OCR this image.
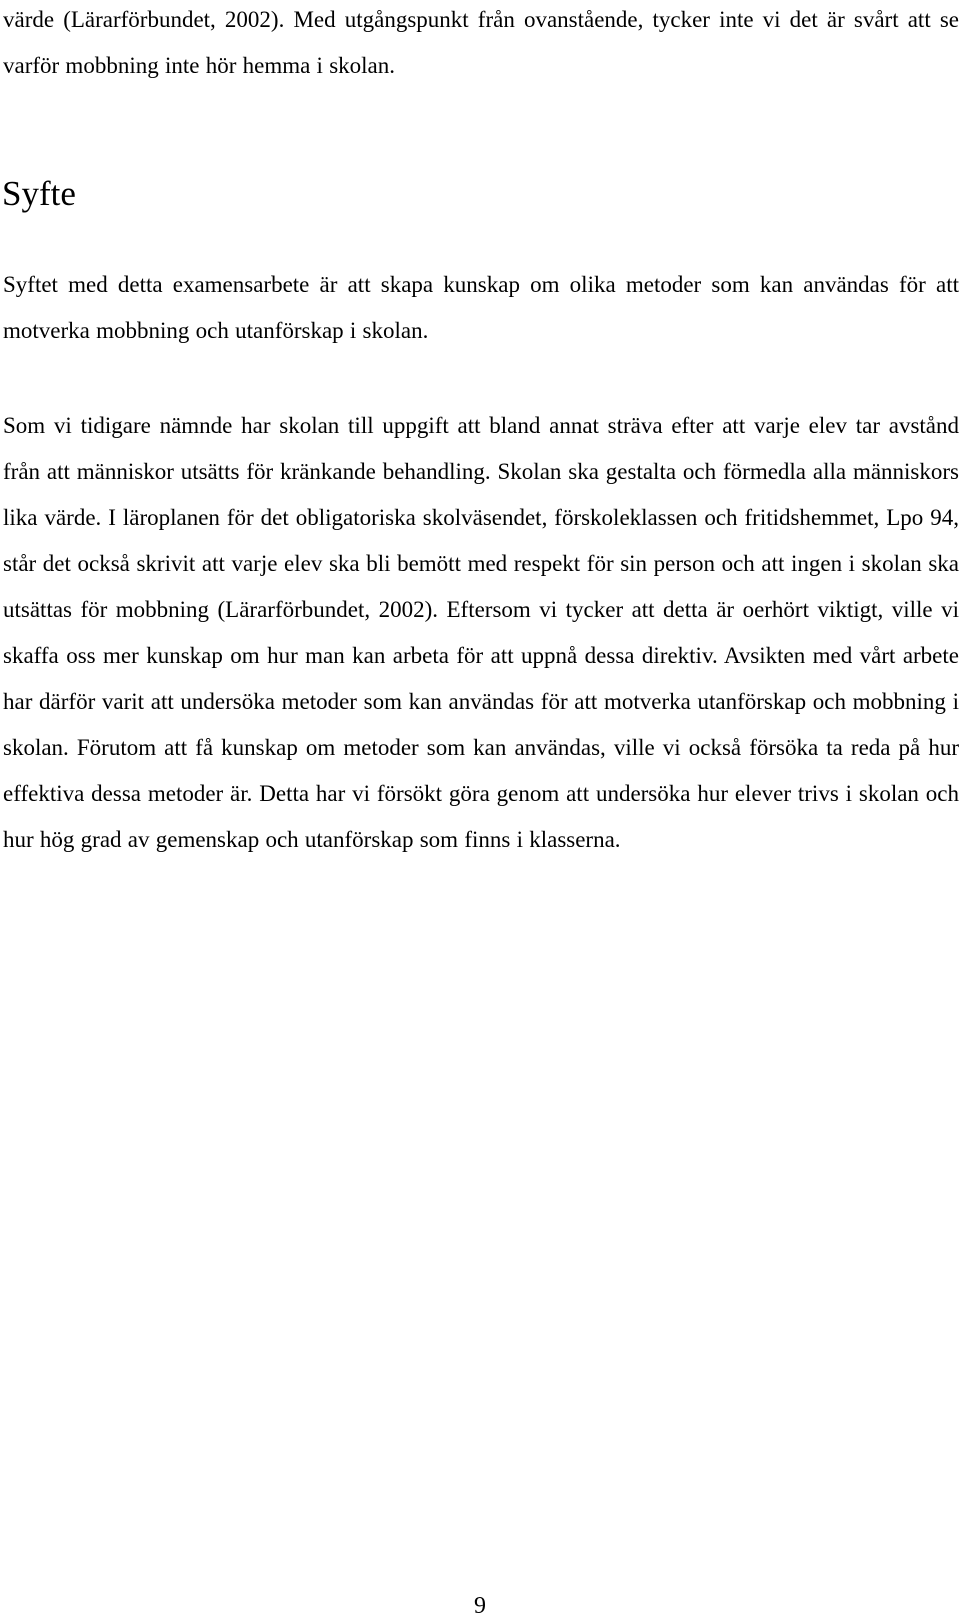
värde (Lärarförbundet, 2002). Med utgångspunkt från ovanstående, tycker inte vi det är svårt att se varför mobbning inte hör hemma i skolan.

Syfte

Syftet med detta examensarbete är att skapa kunskap om olika metoder som kan användas för att motverka mobbning och utanförskap i skolan.

Som vi tidigare nämnde har skolan till uppgift att bland annat sträva efter att varje elev tar avstånd från att människor utsätts för kränkande behandling. Skolan ska gestalta och förmedla alla människors lika värde. I läroplanen för det obligatoriska skolväsendet, förskoleklassen och fritidshemmet, Lpo 94, står det också skrivit att varje elev ska bli bemött med respekt för sin person och att ingen i skolan ska utsättas för mobbning (Lärarförbundet, 2002). Eftersom vi tycker att detta är oerhört viktigt, ville vi skaffa oss mer kunskap om hur man kan arbeta för att uppnå dessa direktiv. Avsikten med vårt arbete har därför varit att undersöka metoder som kan användas för att motverka utanförskap och mobbning i skolan. Förutom att få kunskap om metoder som kan användas, ville vi också försöka ta reda på hur effektiva dessa metoder är. Detta har vi försökt göra genom att undersöka hur elever trivs i skolan och hur hög grad av gemenskap och utanförskap som finns i klasserna.

9
